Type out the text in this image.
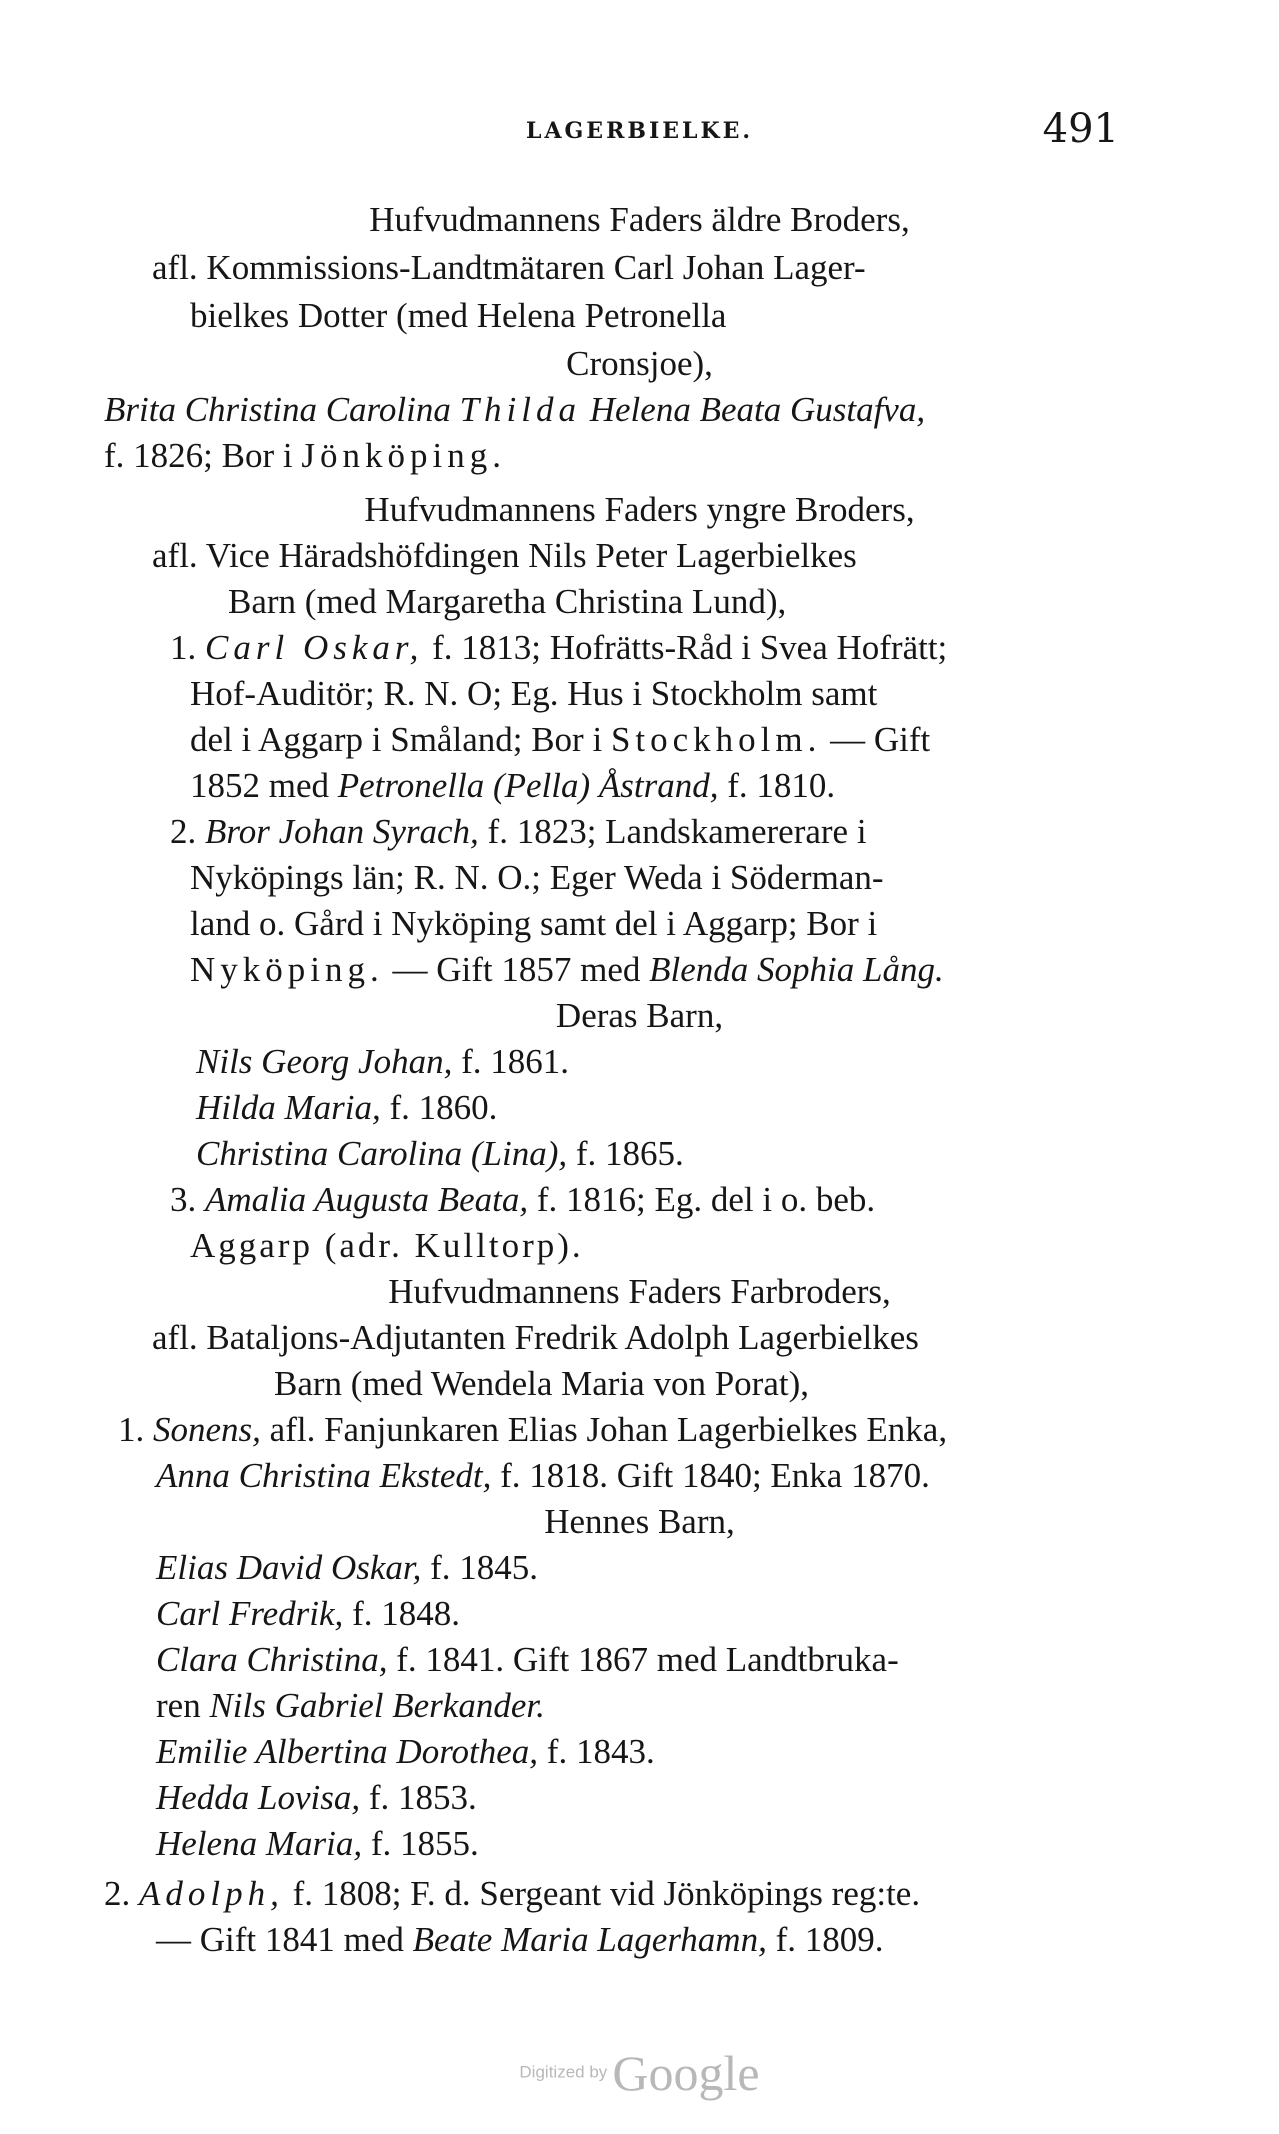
LAGERBIELKE.	491
Hufvudmannens Faders äldre Broders,
afl. Kommissions-Landtmätaren Carl Johan Lager-
bielkes Dotter (med Helena Petronella
Cronsjoe),
Brita Christina Carolina Thilda Helena Beata Gustafva,
f. 1826; Bor i Jönköping.
Hufvudmannens Faders yngre Broders,
afl. Vice Häradshöfdingen Nils Peter Lagerbielkes
Barn (med Margaretha Christina Lund),
1. Carl Oskar, f. 1813; Hofrätts-Råd i Svea Hofrätt;
Hof-Auditör; R. N. O; Eg. Hus i Stockholm samt
del i Aggarp i Småland; Bor i Stockholm. — Gift
1852 med Petronella (Pella) Åstrand, f. 1810.
2. Bror Johan Syrach, f. 1823; Landskamererare i
Nyköpings län; R. N. O.; Eger Weda i Söderman-
land o. Gård i Nyköping samt del i Aggarp; Bor i
Nyköping. — Gift 1857 med Blenda Sophia Lång.
Deras Barn,
Nils Georg Johan, f. 1861.
Hilda Maria, f. 1860.
Christina Carolina (Lina), f. 1865.
3. Amalia Augusta Beata, f. 1816; Eg. del i o. beb.
Aggarp (adr. Kulltorp).
Hufvudmannens Faders Farbroders,
afl. Bataljons-Adjutanten Fredrik Adolph Lagerbielkes
Barn (med Wendela Maria von Porat),
1. Sonens, afl. Fanjunkaren Elias Johan Lagerbielkes Enka,
Anna Christina Ekstedt, f. 1818. Gift 1840; Enka 1870.
Hennes Barn,
Elias David Oskar, f. 1845.
Carl Fredrik, f. 1848.
Clara Christina, f. 1841. Gift 1867 med Landtbruka-
ren Nils Gabriel Berkander.
Emilie Albertina Dorothea, f. 1843.
Hedda Lovisa, f. 1853.
Helena Maria, f. 1855.
2. Adolph, f. 1808; F. d. Sergeant vid Jönköpings reg:te.
— Gift 1841 med Beate Maria Lagerhamn, f. 1809.
Digitized by Google
